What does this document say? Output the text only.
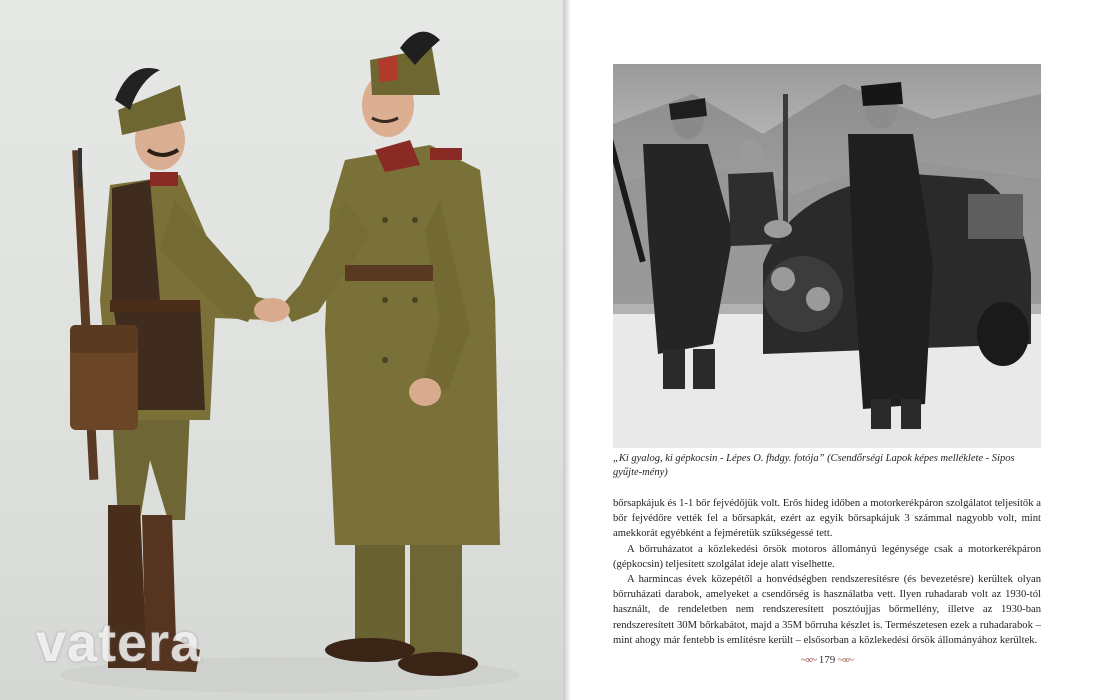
vatera

„Ki gyalog, ki gépkocsin - Lépes O. fhdgy. fotója” (Csendőrségi Lapok képes melléklete - Sipos gyűjte-mény)

bőrsapkájuk és 1-1 bőr fejvédőjük volt. Erős hideg időben a motorkerékpáron szolgálatot teljesítők a bőr fejvédőre vették fel a bőrsapkát, ezért az egyik bőrsapkájuk 3 számmal nagyobb volt, mint amekkorát egyébként a fejméretük szükségessé tett.

A bőrruházatot a közlekedési őrsök motoros állományú legénysége csak a motorkerékpáron (gépkocsin) teljesített szolgálat ideje alatt viselhette.

A harmincas évek közepétől a honvédségben rendszeresítésre (és bevezetésre) kerültek olyan bőrruházati darabok, amelyeket a csendőrség is használatba vett. Ilyen ruhadarab volt az 1930-tól használt, de rendeletben nem rendszeresített posztóujjas bőrmellény, illetve az 1930-ban rendszeresített 30M bőrkabátot, majd a 35M bőrruha készlet is. Természetesen ezek a ruhadarabok – mint ahogy már fentebb is említésre került – elsősorban a közlekedési őrsök állományához kerültek.

~∞~ 179 ~∞~
